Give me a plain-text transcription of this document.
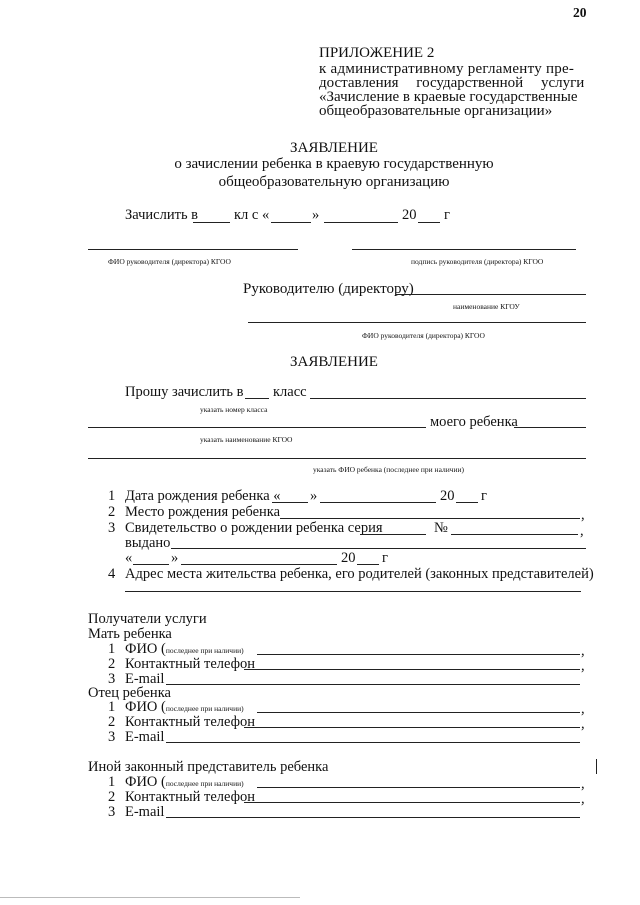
20
ПРИЛОЖЕНИЕ 2
к административному регламенту пре-
доставления государственной услуги
«Зачисление в краевые государственные
общеобразовательные организации»
ЗАЯВЛЕНИЕ
о зачислении ребенка в краевую государственную
общеобразовательную организацию
Зачислить в кл с «	»	20 г
ФИО руководителя (директора) КГОО	подпись руководителя (директора) КГОО
Руководителю (директору)
наименование КГОУ
ФИО руководителя (директора) КГОО
ЗАЯВЛЕНИЕ
Прошу зачислить в класс
указать номер класса
моего ребенка
указать наименование КГОО
указать ФИО ребенка (последнее при наличии)
1 Дата рождения ребенка « »	20 г
2 Место рождения ребенка	,
3 Свидетельство о рождении ребенка серия	№	,
выдано
«	»	20 г
4 Адрес места жительства ребенка, его родителей (законных представителей)
Получатели услуги
Мать ребенка
1 ФИО (последнее при наличии)	,
2 Контактный телефон	,
3 E-mail
Отец ребенка
1 ФИО (последнее при наличии)	,
2 Контактный телефон	,
3 E-mail
Иной законный представитель ребенка
1 ФИО (последнее при наличии)	,
2 Контактный телефон	,
3 E-mail
